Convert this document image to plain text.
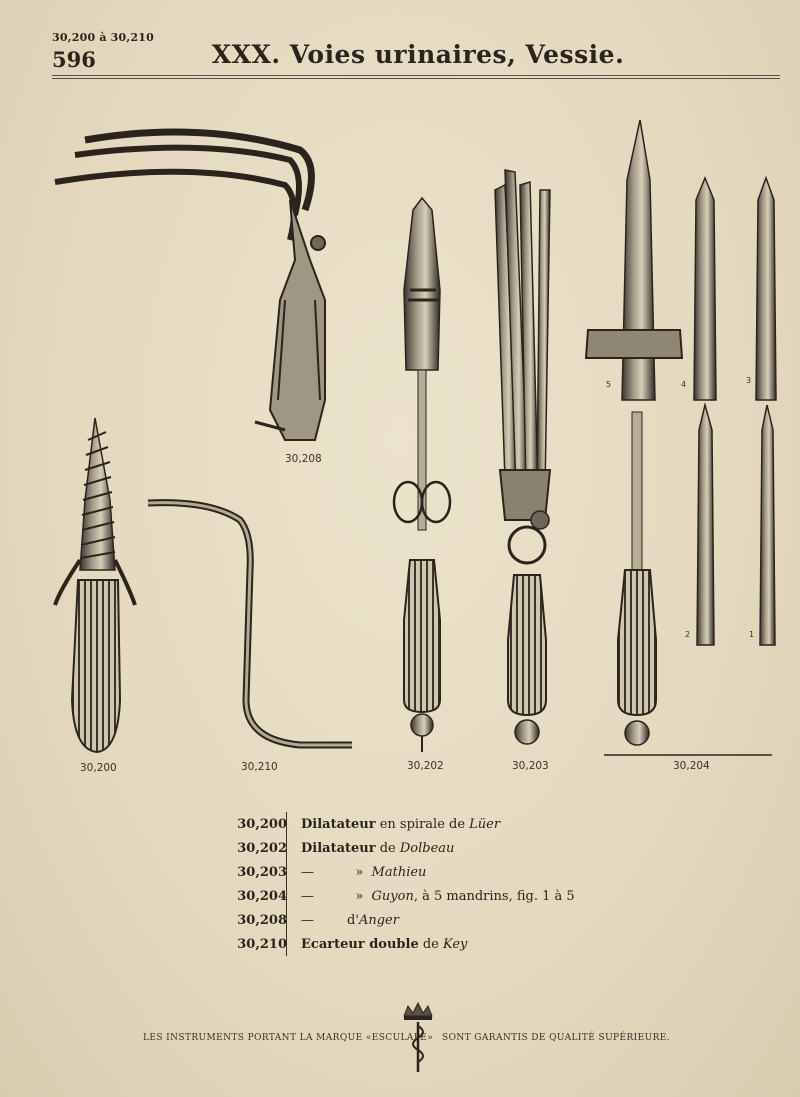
30,200 à 30,210
596	XXX. Voies urinaires, Vessie.
5	4	3
2	1
30,208
30,200	30,210	30,202	30,203	30,204
30,200	Dilatateur en spirale de Lüer
30,202	Dilatateur de Dolbeau
30,203	—          »  Mathieu
30,204	—          »  Guyon, à 5 mandrins, fig. 1 à 5
30,208	—        d'Anger
30,210	Ecarteur double de Key
LES INSTRUMENTS PORTANT LA MARQUE «ESCULAPE» SONT GARANTIS DE QUALITÉ SUPÉRIEURE.
